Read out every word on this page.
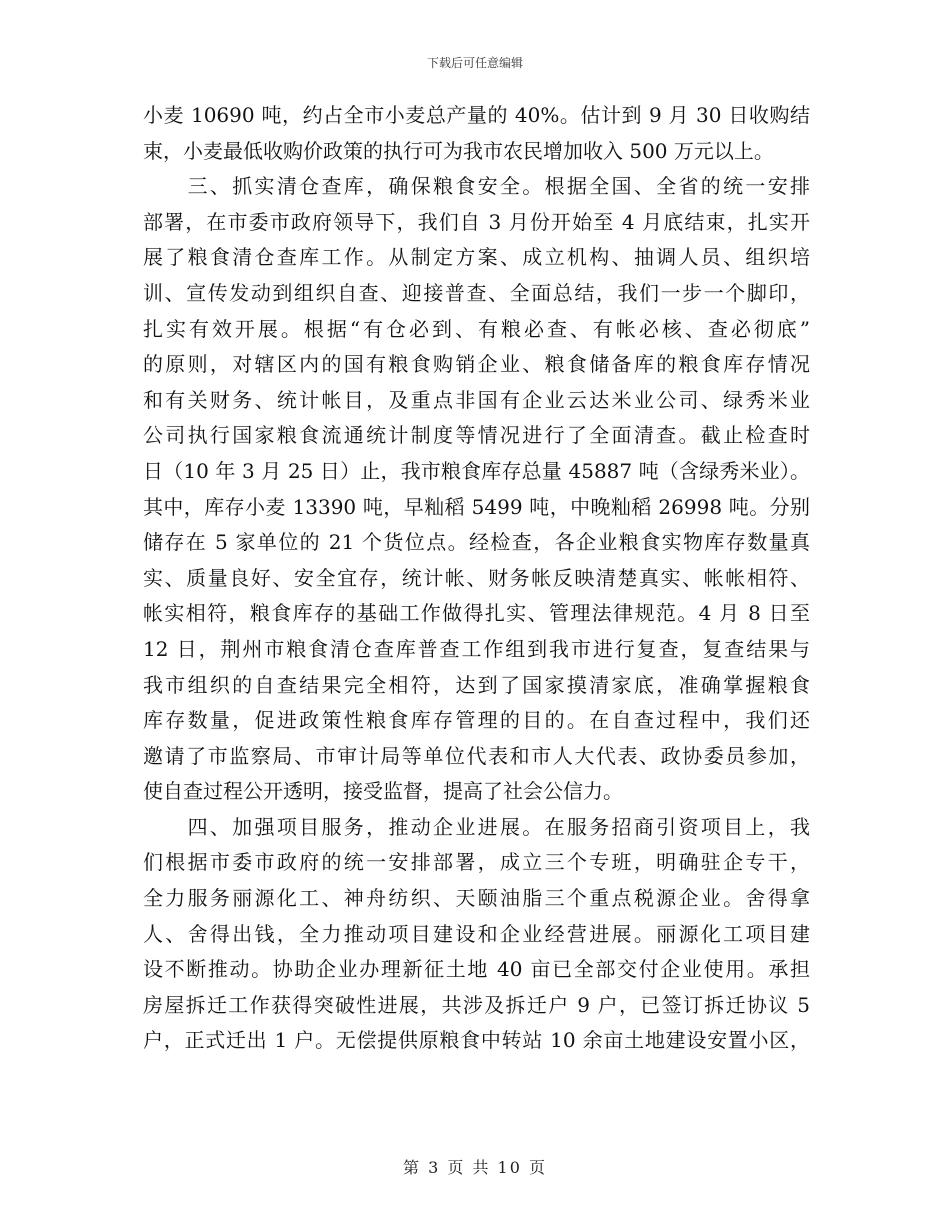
下载后可任意编辑
小麦 10690 吨，约占全市小麦总产量的 40%。估计到 9 月 30 日收购结
束，小麦最低收购价政策的执行可为我市农民增加收入 500 万元以上。
　　三、抓实清仓查库，确保粮食安全。根据全国、全省的统一安排
部署，在市委市政府领导下，我们自 3 月份开始至 4 月底结束，扎实开
展了粮食清仓查库工作。从制定方案、成立机构、抽调人员、组织培
训、宣传发动到组织自查、迎接普查、全面总结，我们一步一个脚印，
扎实有效开展。根据“有仓必到、有粮必查、有帐必核、查必彻底”
的原则，对辖区内的国有粮食购销企业、粮食储备库的粮食库存情况
和有关财务、统计帐目，及重点非国有企业云达米业公司、绿秀米业
公司执行国家粮食流通统计制度等情况进行了全面清查。截止检查时
日（10 年 3 月 25 日）止，我市粮食库存总量 45887 吨（含绿秀米业）。
其中，库存小麦 13390 吨，早籼稻 5499 吨，中晚籼稻 26998 吨。分别
储存在 5 家单位的 21 个货位点。经检查，各企业粮食实物库存数量真
实、质量良好、安全宜存，统计帐、财务帐反映清楚真实、帐帐相符、
帐实相符，粮食库存的基础工作做得扎实、管理法律规范。4 月 8 日至
12 日，荆州市粮食清仓查库普查工作组到我市进行复查，复查结果与
我市组织的自查结果完全相符，达到了国家摸清家底，准确掌握粮食
库存数量，促进政策性粮食库存管理的目的。在自查过程中，我们还
邀请了市监察局、市审计局等单位代表和市人大代表、政协委员参加，
使自查过程公开透明，接受监督，提高了社会公信力。
　　四、加强项目服务，推动企业进展。在服务招商引资项目上，我
们根据市委市政府的统一安排部署，成立三个专班，明确驻企专干，
全力服务丽源化工、神舟纺织、天颐油脂三个重点税源企业。舍得拿
人、舍得出钱，全力推动项目建设和企业经营进展。丽源化工项目建
设不断推动。协助企业办理新征土地 40 亩已全部交付企业使用。承担
房屋拆迁工作获得突破性进展，共涉及拆迁户 9 户，已签订拆迁协议 5
户，正式迁出 1 户。无偿提供原粮食中转站 10 余亩土地建设安置小区，
第 3 页 共 10 页
